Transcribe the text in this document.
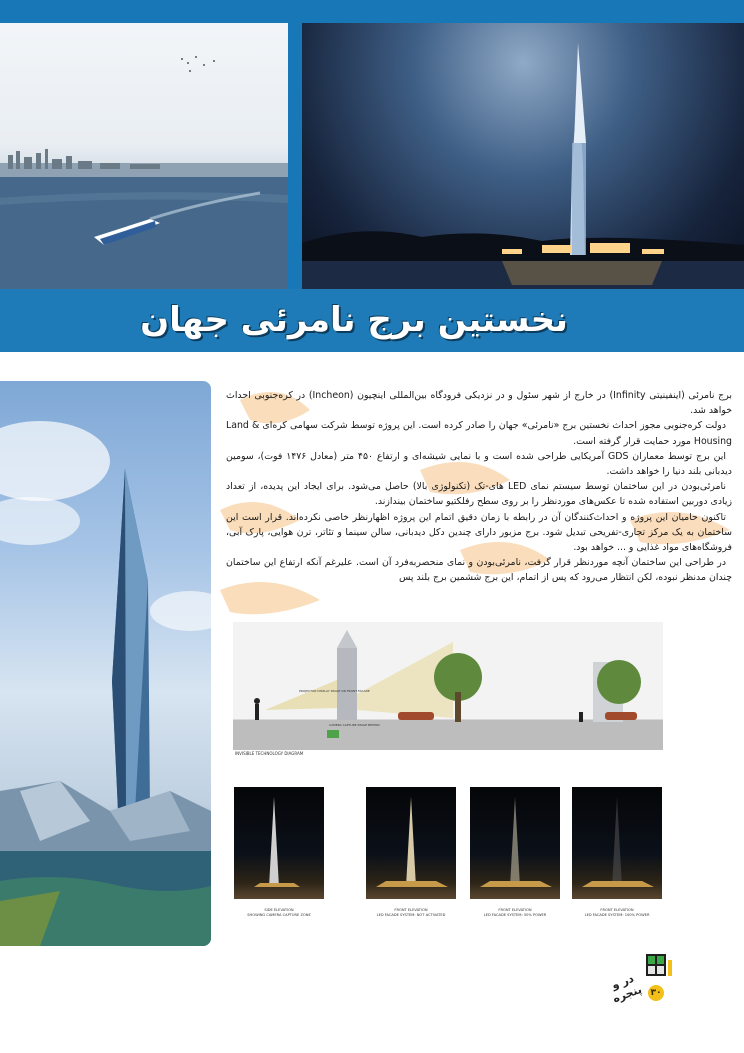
نخستین برج نامرئی جهان

برج نامرئی (اینفینیتی Infinity) در خارج از شهر سئول و در نزدیکی فرودگاه بین‌المللی اینچیون (Incheon) در کره‌جنوبی احداث خواهد شد.

دولت کره‌جنوبی مجوز احداث نخستین برج «نامرئی» جهان را صادر کرده است. این پروژه توسط شرکت سهامی کره‌ای Land & Housing مورد حمایت قرار گرفته است.

این برج توسط معماران GDS آمریکایی طراحی شده است و با نمایی شیشه‌ای و ارتفاع ۴۵۰ متر (معادل ۱۴۷۶ فوت)، سومین دیدبانی بلند دنیا را خواهد داشت.

نامرئی‌بودن در این ساختمان توسط سیستم نمای LED های‌-تک (تکنولوژی بالا) حاصل می‌شود. برای ایجاد این پدیده، از تعداد زیادی دوربین استفاده شده تا عکس‌های موردنظر را بر روی سطح رفلکتیو ساختمان بیندازند.

تاکنون حامیان این پروژه و احداث‌کنندگان آن در رابطه با زمان دقیق اتمام این پروژه اظهارنظر خاصی نکرده‌اند. قرار است این ساختمان به یک مرکز تجاری-تفریحی تبدیل شود. برج مزبور دارای چندین دکل دیدبانی، سالن سینما و تئاتر، ترن هوایی، پارک آبی، فروشگاه‌های مواد غذایی و ... خواهد بود.

در طراحی این ساختمان آنچه موردنظر قرار گرفت، نامرئی‌بودن و نمای منحصربه‌فرد آن است. علیرغم آنکه ارتفاع این ساختمان چندان مدنظر نبوده، لکن انتظار می‌رود که پس از اتمام، این برج ششمین برج بلند پس

PROJECTOR DISPLAY IMAGE ON FRONT FACADE
CAMERA CAPTURE IMAGE BEHIND
INVISIBLE TECHNOLOGY DIAGRAM
SIDE ELEVATION
SHOWING CAMERA CAPTURE ZONE
FRONT ELEVATION
LED FACADE SYSTEM: NOT ACTIVATED
FRONT ELEVATION
LED FACADE SYSTEM: 50% POWER
FRONT ELEVATION
LED FACADE SYSTEM: 100% POWER
در و پنجره ۳۰
